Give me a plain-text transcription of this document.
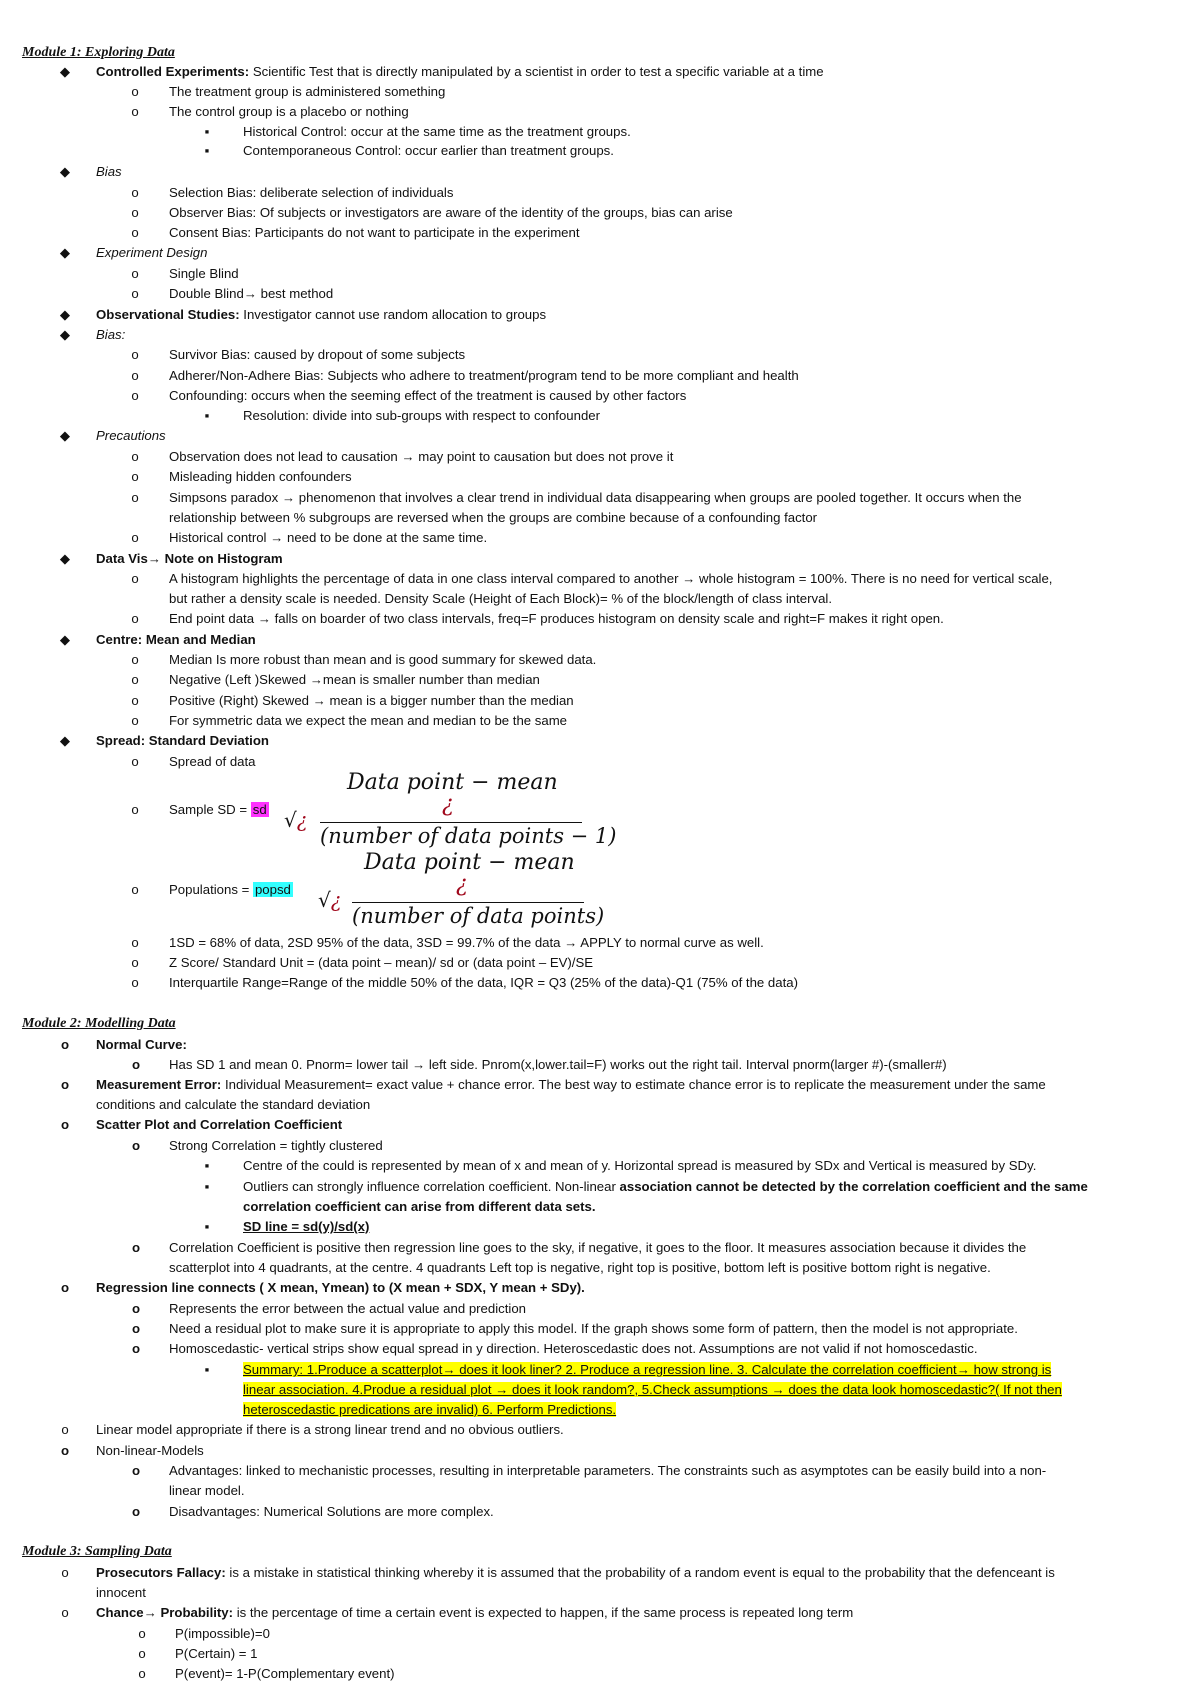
Module 1: Exploring Data
◆	Controlled Experiments: Scientific Test that is directly manipulated by a scientist in order to test a specific variable at a time
o The treatment group is administered something
o The control group is a placebo or nothing
▪	Historical Control: occur at the same time as the treatment groups.
▪	Contemporaneous Control: occur earlier than treatment groups.
◆	Bias
o Selection Bias: deliberate selection of individuals
o Observer Bias: Of subjects or investigators are aware of the identity of the groups, bias can arise
o Consent Bias: Participants do not want to participate in the experiment
◆	Experiment Design
o Single Blind
o Double Blind→ best method
◆	Observational Studies: Investigator cannot use random allocation to groups
◆	Bias:
o Survivor Bias: caused by dropout of some subjects
o Adherer/Non-Adhere Bias: Subjects who adhere to treatment/program tend to be more compliant and health
o Confounding: occurs when the seeming effect of the treatment is caused by other factors
▪	Resolution: divide into sub-groups with respect to confounder
◆	Precautions
o Observation does not lead to causation → may point to causation but does not prove it
o Misleading hidden confounders
o Simpsons paradox → phenomenon that involves a clear trend in individual data disappearing when groups are pooled together. It occurs when the
relationship between % subgroups are reversed when the groups are combine because of a confounding factor
o Historical control → need to be done at the same time.
◆	Data Vis→ Note on Histogram
o A histogram highlights the percentage of data in one class interval compared to another → whole histogram = 100%. There is no need for vertical scale,
but rather a density scale is needed. Density Scale (Height of Each Block)= % of the block/length of class interval.
o End point data → falls on boarder of two class intervals, freq=F produces histogram on density scale and right=F makes it right open.
◆	Centre: Mean and Median
o Median Is more robust than mean and is good summary for skewed data.
o Negative (Left )Skewed →mean is smaller number than median
o Positive (Right) Skewed → mean is a bigger number than the median
o For symmetric data we expect the mean and median to be the same
◆	Spread: Standard Deviation
o Spread of data
o Sample SD = sd
Data point − mean
¿
√¿
(number of data points − 1)
o Populations = popsd
Data point − mean
¿
√¿
(number of data points)
o 1SD = 68% of data, 2SD 95% of the data, 3SD = 99.7% of the data → APPLY to normal curve as well.
o Z Score/ Standard Unit = (data point – mean)/ sd or (data point – EV)/SE
o Interquartile Range=Range of the middle 50% of the data, IQR = Q3 (25% of the data)-Q1 (75% of the data)
Module 2: Modelling Data
o	Normal Curve:
o	Has SD 1 and mean 0. Pnorm= lower tail → left side. Pnrom(x,lower.tail=F) works out the right tail. Interval pnorm(larger #)-(smaller#)
o	Measurement Error: Individual Measurement= exact value + chance error. The best way to estimate chance error is to replicate the measurement under the same
conditions and calculate the standard deviation
o	Scatter Plot and Correlation Coefficient
o	Strong Correlation = tightly clustered
▪	Centre of the could is represented by mean of x and mean of y. Horizontal spread is measured by SDx and Vertical is measured by SDy.
▪	Outliers can strongly influence correlation coefficient. Non-linear association cannot be detected by the correlation coefficient and the same
correlation coefficient can arise from different data sets.
▪	SD line = sd(y)/sd(x)
o	Correlation Coefficient is positive then regression line goes to the sky, if negative, it goes to the floor. It measures association because it divides the
scatterplot into 4 quadrants, at the centre. 4 quadrants Left top is negative, right top is positive, bottom left is positive bottom right is negative.
o	Regression line connects ( X mean, Ymean) to (X mean + SDX, Y mean + SDy).
o	Represents the error between the actual value and prediction
o	Need a residual plot to make sure it is appropriate to apply this model. If the graph shows some form of pattern, then the model is not appropriate.
o	Homoscedastic- vertical strips show equal spread in y direction. Heteroscedastic does not. Assumptions are not valid if not homoscedastic.
▪	Summary: 1.Produce a scatterplot→ does it look liner? 2. Produce a regression line. 3. Calculate the correlation coefficient→ how strong is
linear association. 4.Produe a residual plot → does it look random?, 5.Check assumptions → does the data look homoscedastic?( If not then
heteroscedastic predications are invalid) 6. Perform Predictions.
o	Linear model appropriate if there is a strong linear trend and no obvious outliers.
o	Non-linear-Models
o	Advantages: linked to mechanistic processes, resulting in interpretable parameters. The constraints such as asymptotes can be easily build into a non-
linear model.
o	Disadvantages: Numerical Solutions are more complex.
Module 3: Sampling Data
o	Prosecutors Fallacy: is a mistake in statistical thinking whereby it is assumed that the probability of a random event is equal to the probability that the defenceant is
innocent
o	Chance→ Probability: is the percentage of time a certain event is expected to happen, if the same process is repeated long term
o P(impossible)=0
o P(Certain) = 1
o P(event)= 1-P(Complementary event)
